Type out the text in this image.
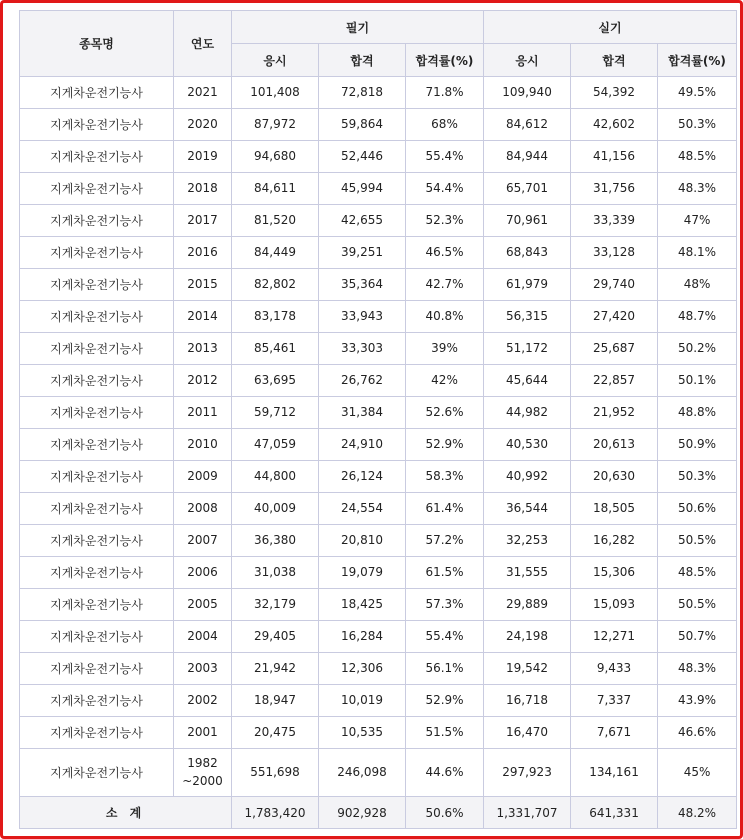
종목명	연도	필기			실기		
		응시	합격	합격률(%)	응시	합격	합격률(%)
지게차운전기능사	2021	101,408	72,818	71.8%	109,940	54,392	49.5%
지게차운전기능사	2020	87,972	59,864	68%	84,612	42,602	50.3%
지게차운전기능사	2019	94,680	52,446	55.4%	84,944	41,156	48.5%
지게차운전기능사	2018	84,611	45,994	54.4%	65,701	31,756	48.3%
지게차운전기능사	2017	81,520	42,655	52.3%	70,961	33,339	47%
지게차운전기능사	2016	84,449	39,251	46.5%	68,843	33,128	48.1%
지게차운전기능사	2015	82,802	35,364	42.7%	61,979	29,740	48%
지게차운전기능사	2014	83,178	33,943	40.8%	56,315	27,420	48.7%
지게차운전기능사	2013	85,461	33,303	39%	51,172	25,687	50.2%
지게차운전기능사	2012	63,695	26,762	42%	45,644	22,857	50.1%
지게차운전기능사	2011	59,712	31,384	52.6%	44,982	21,952	48.8%
지게차운전기능사	2010	47,059	24,910	52.9%	40,530	20,613	50.9%
지게차운전기능사	2009	44,800	26,124	58.3%	40,992	20,630	50.3%
지게차운전기능사	2008	40,009	24,554	61.4%	36,544	18,505	50.6%
지게차운전기능사	2007	36,380	20,810	57.2%	32,253	16,282	50.5%
지게차운전기능사	2006	31,038	19,079	61.5%	31,555	15,306	48.5%
지게차운전기능사	2005	32,179	18,425	57.3%	29,889	15,093	50.5%
지게차운전기능사	2004	29,405	16,284	55.4%	24,198	12,271	50.7%
지게차운전기능사	2003	21,942	12,306	56.1%	19,542	9,433	48.3%
지게차운전기능사	2002	18,947	10,019	52.9%	16,718	7,337	43.9%
지게차운전기능사	2001	20,475	10,535	51.5%	16,470	7,671	46.6%
지게차운전기능사	1982 ~2000	551,698	246,098	44.6%	297,923	134,161	45%
소 계		1,783,420	902,928	50.6%	1,331,707	641,331	48.2%
